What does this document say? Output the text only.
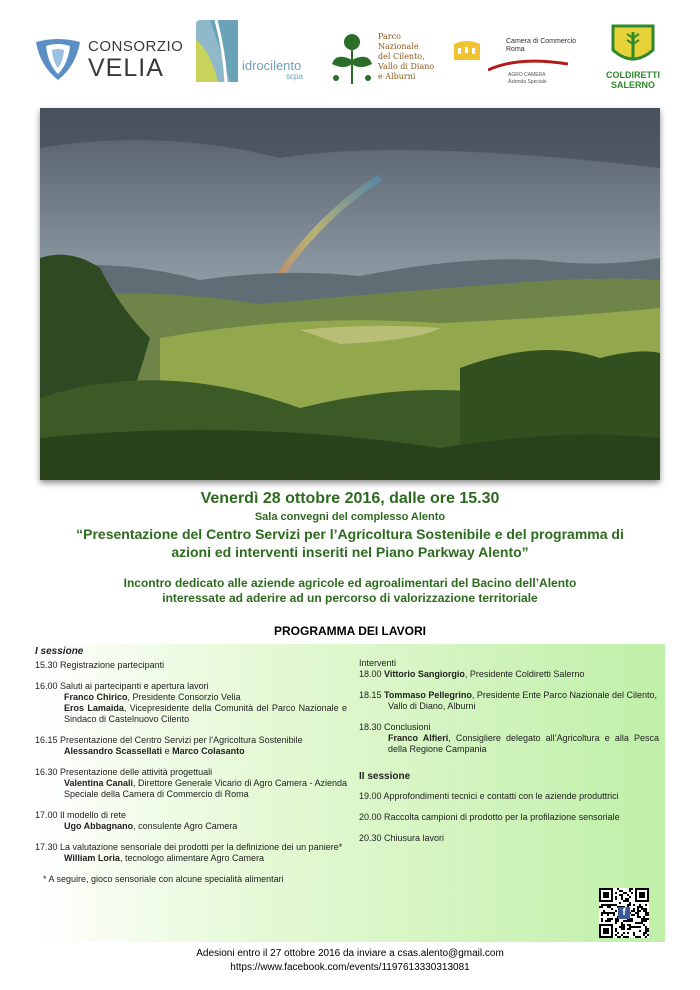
CONSORZIO
VELIA	idrocilento
scpa
Parco Nazionale
del Cilento,
Vallo di Diano
e Alburni
Camera di Commercio
Roma
AGRO CAMERA
Azienda Speciale
COLDIRETTI
SALERNO
Venerdì 28 ottobre 2016, dalle ore 15.30
Sala convegni del complesso Alento
“Presentazione del Centro Servizi per l’Agricoltura Sostenibile e del programma di
azioni ed interventi inseriti nel Piano Parkway Alento”
Incontro dedicato alle aziende agricole ed agroalimentari del Bacino dell’Alento
interessate ad aderire ad un percorso di valorizzazione territoriale
PROGRAMMA DEI LAVORI

I sessione

15.30 Registrazione partecipanti

16.00 Saluti ai partecipanti e apertura lavori

Franco Chirico, Presidente Consorzio Velia

Eros Lamaida, Vicepresidente della Comunità del Parco Nazionale e Sindaco di Castelnuovo Cilento

16.15 Presentazione del Centro Servizi per l’Agricoltura Sostenibile

Alessandro Scassellati e Marco Colasanto

16.30 Presentazione delle attività progettuali

Valentina Canali, Direttore Generale Vicario di Agro Camera - Azienda Speciale della Camera di Commercio di Roma

17.00 Il modello di rete

Ugo Abbagnano, consulente Agro Camera

17.30 La valutazione sensoriale dei prodotti per la definizione dei un paniere*

William Loria, tecnologo alimentare Agro Camera

* A seguire, gioco sensoriale con alcune specialità alimentari

Interventi

18.00 Vittorio Sangiorgio, Presidente Coldiretti Salerno

18.15 Tommaso Pellegrino, Presidente Ente Parco Nazionale del Cilento,

Vallo di Diano, Alburni

18.30 Conclusioni

Franco Alfieri, Consigliere delegato all’Agricoltura e alla Pesca della Regione Campania

II sessione

19.00 Approfondimenti tecnici e contatti con le aziende produttrici

20.00 Raccolta campioni di prodotto per la profilazione sensoriale

20.30 Chiusura lavori

f
Adesioni entro il 27 ottobre 2016 da inviare a csas.alento@gmail.com
https://www.facebook.com/events/1197613330313081
